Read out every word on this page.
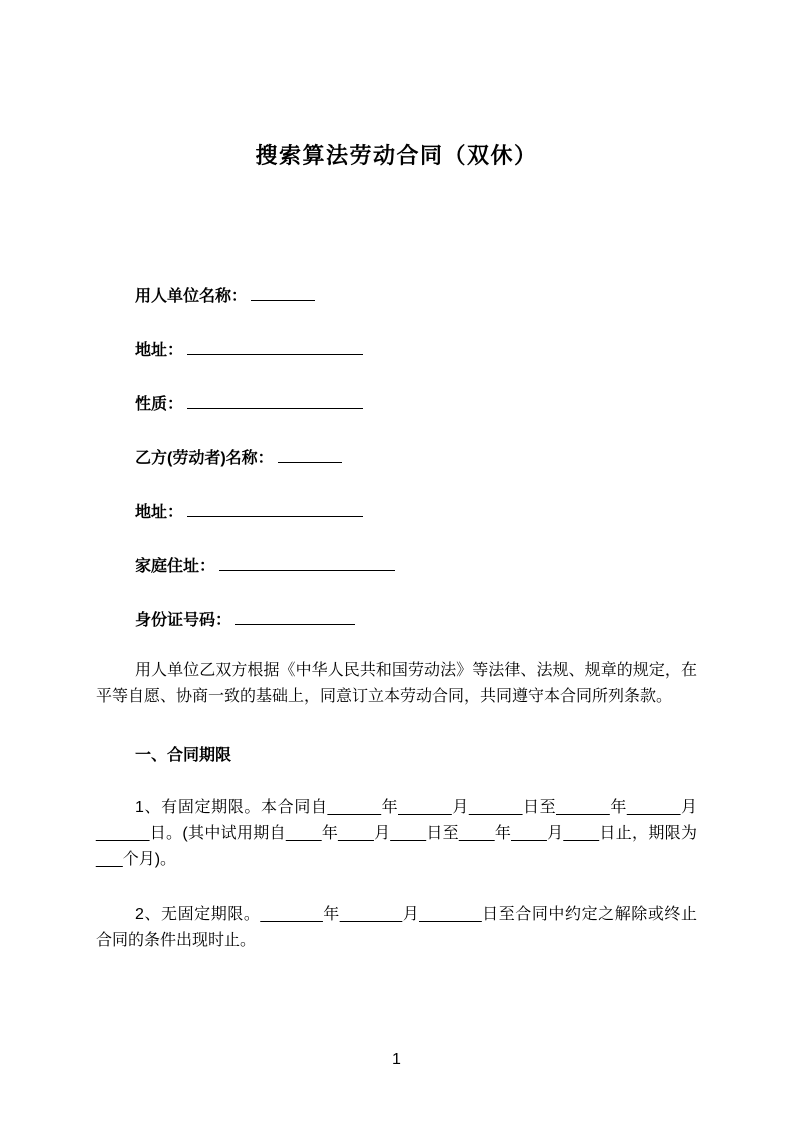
搜索算法劳动合同（双休）
用人单位名称：
地址：
性质：
乙方(劳动者)名称：
地址：
家庭住址：
身份证号码：

用人单位乙双方根据《中华人民共和国劳动法》等法律、法规、规章的规定，在平等自愿、协商一致的基础上，同意订立本劳动合同，共同遵守本合同所列条款。

一、合同期限

1、有固定期限。本合同自______年______月______日至______年______月______日。(其中试用期自____年____月____日至____年____月____日止，期限为___个月)。

2、无固定期限。_______年_______月_______日至合同中约定之解除或终止合同的条件出现时止。

1
